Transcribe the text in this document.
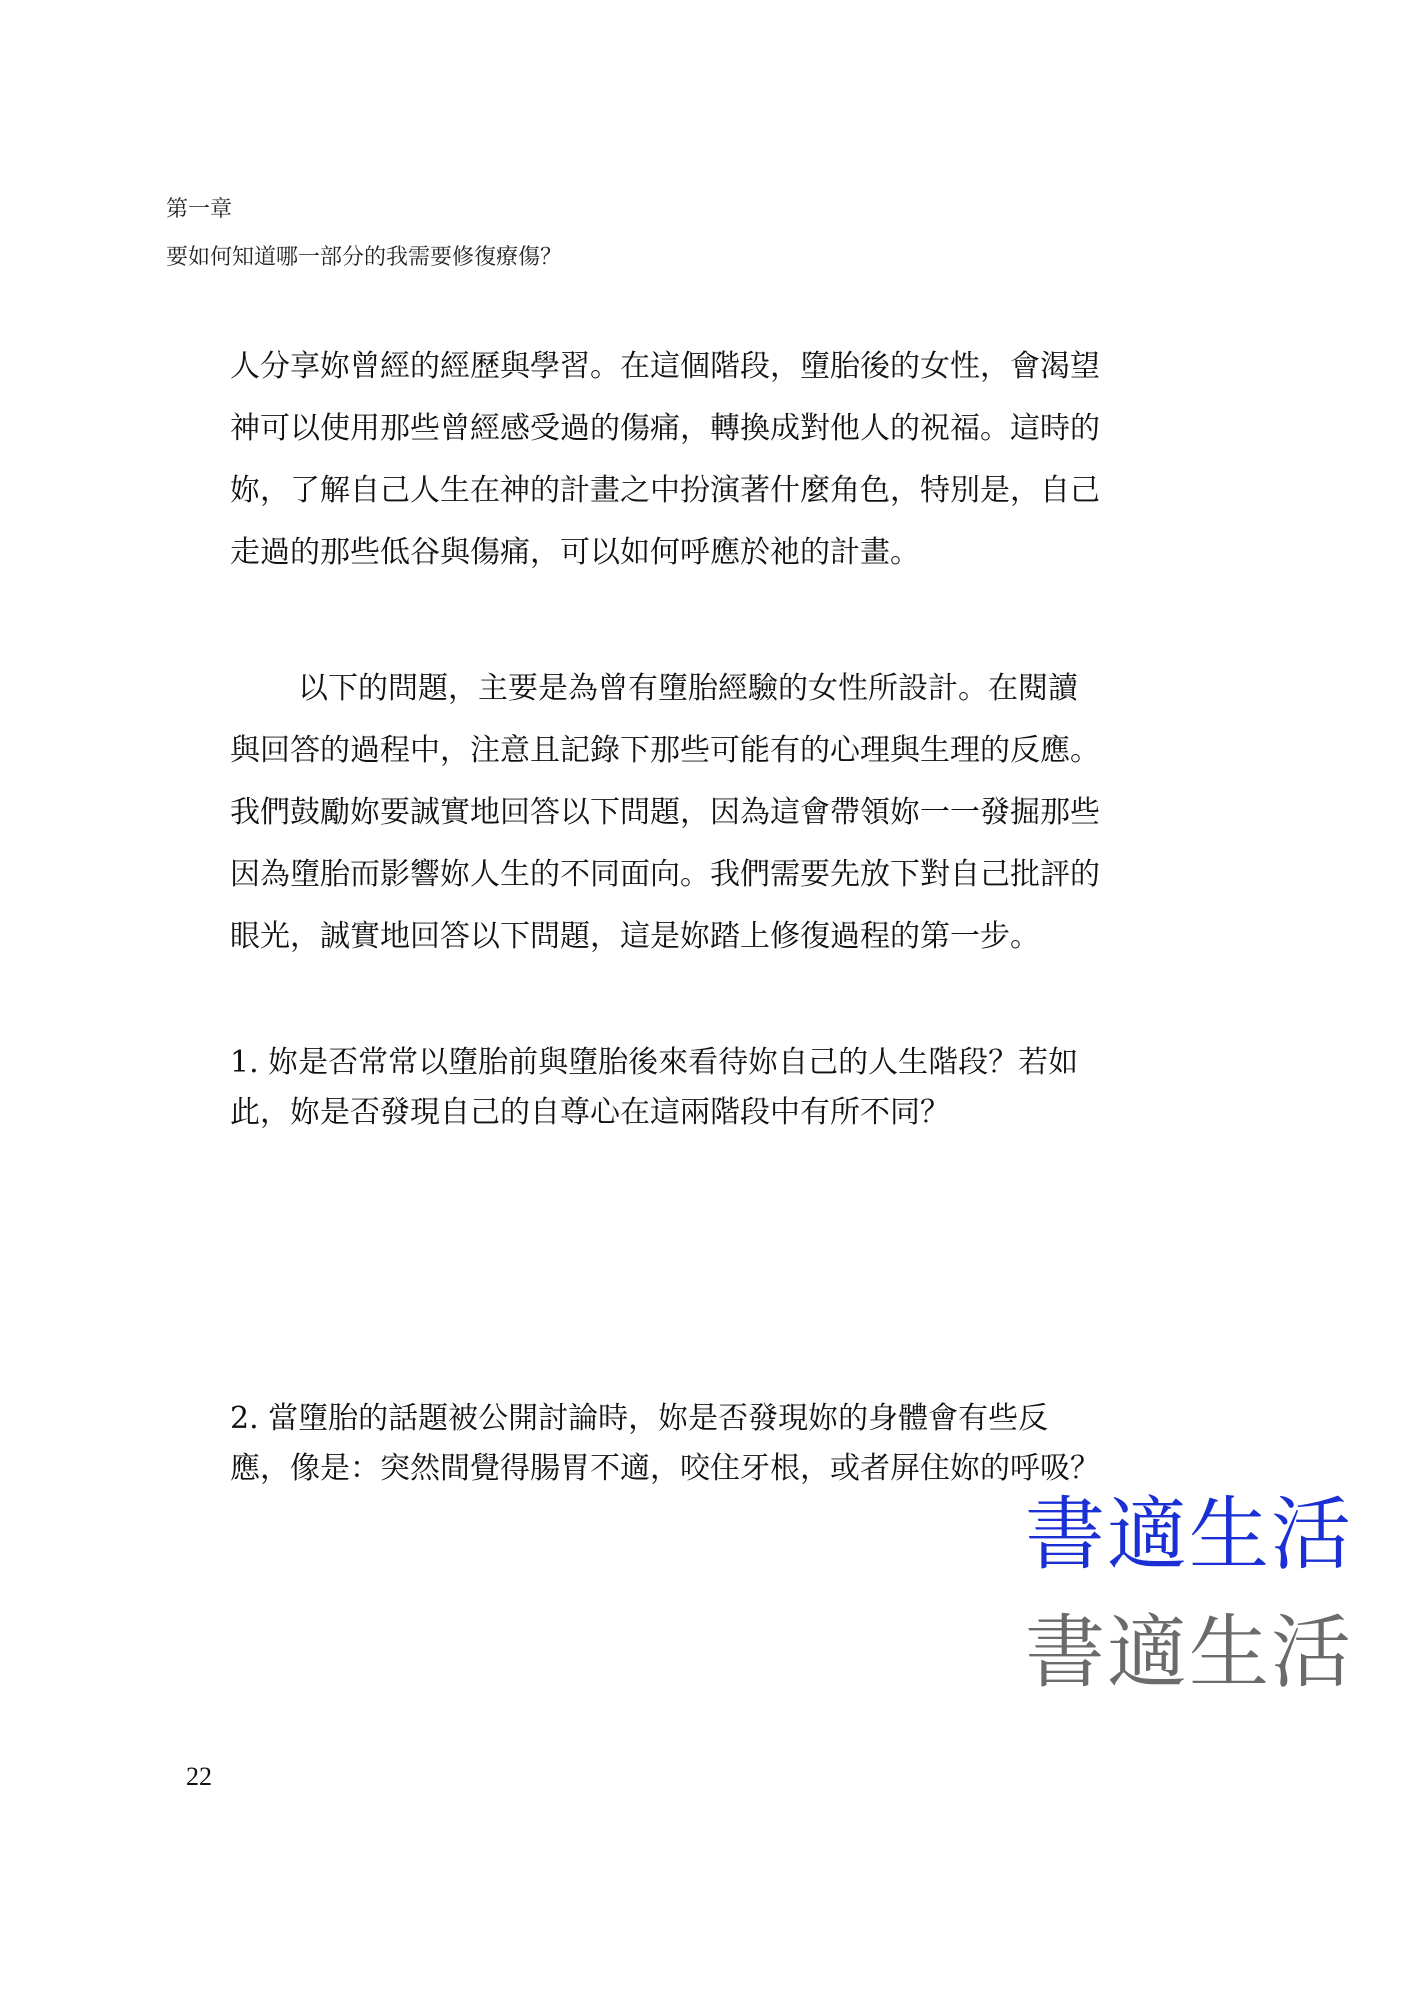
第一章
要如何知道哪一部分的我需要修復療傷？

人分享妳曾經的經歷與學習。在這個階段，墮胎後的女性，會渴望神可以使用那些曾經感受過的傷痛，轉換成對他人的祝福。這時的妳，了解自己人生在神的計畫之中扮演著什麼角色，特別是，自己走過的那些低谷與傷痛，可以如何呼應於祂的計畫。

以下的問題，主要是為曾有墮胎經驗的女性所設計。在閱讀與回答的過程中，注意且記錄下那些可能有的心理與生理的反應。我們鼓勵妳要誠實地回答以下問題，因為這會帶領妳一一發掘那些因為墮胎而影響妳人生的不同面向。我們需要先放下對自己批評的眼光，誠實地回答以下問題，這是妳踏上修復過程的第一步。

1. 妳是否常常以墮胎前與墮胎後來看待妳自己的人生階段？若如此，妳是否發現自己的自尊心在這兩階段中有所不同？

2. 當墮胎的話題被公開討論時，妳是否發現妳的身體會有些反應，像是：突然間覺得腸胃不適，咬住牙根，或者屏住妳的呼吸？

書適生活
書適生活
22
